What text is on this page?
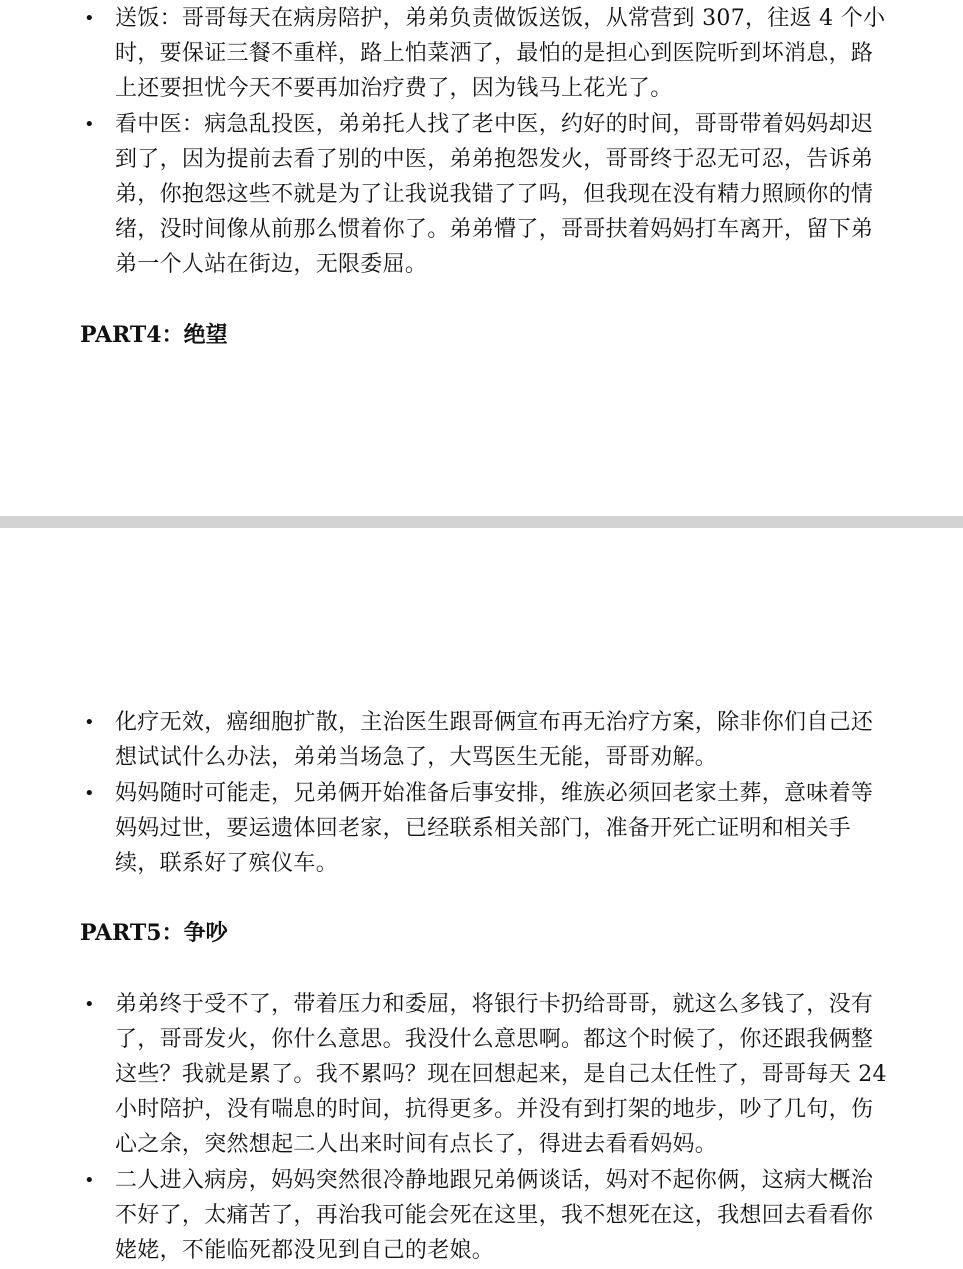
• 送饭：哥哥每天在病房陪护，弟弟负责做饭送饭，从常营到 307，往返 4 个小时，要保证三餐不重样，路上怕菜洒了，最怕的是担心到医院听到坏消息，路上还要担忧今天不要再加治疗费了，因为钱马上花光了。
• 看中医：病急乱投医，弟弟托人找了老中医，约好的时间，哥哥带着妈妈却迟到了，因为提前去看了别的中医，弟弟抱怨发火，哥哥终于忍无可忍，告诉弟弟，你抱怨这些不就是为了让我说我错了了吗，但我现在没有精力照顾你的情绪，没时间像从前那么惯着你了。弟弟懵了，哥哥扶着妈妈打车离开，留下弟弟一个人站在街边，无限委屈。
PART4：绝望
• 化疗无效，癌细胞扩散，主治医生跟哥俩宣布再无治疗方案，除非你们自己还想试试什么办法，弟弟当场急了，大骂医生无能，哥哥劝解。
• 妈妈随时可能走，兄弟俩开始准备后事安排，维族必须回老家土葬，意味着等妈妈过世，要运遗体回老家，已经联系相关部门，准备开死亡证明和相关手续，联系好了殡仪车。
PART5：争吵
• 弟弟终于受不了，带着压力和委屈，将银行卡扔给哥哥，就这么多钱了，没有了，哥哥发火，你什么意思。我没什么意思啊。都这个时候了，你还跟我俩整这些？我就是累了。我不累吗？现在回想起来，是自己太任性了，哥哥每天 24 小时陪护，没有喘息的时间，抗得更多。并没有到打架的地步，吵了几句，伤心之余，突然想起二人出来时间有点长了，得进去看看妈妈。
• 二人进入病房，妈妈突然很冷静地跟兄弟俩谈话，妈对不起你俩，这病大概治不好了，太痛苦了，再治我可能会死在这里，我不想死在这，我想回去看看你姥姥，不能临死都没见到自己的老娘。
